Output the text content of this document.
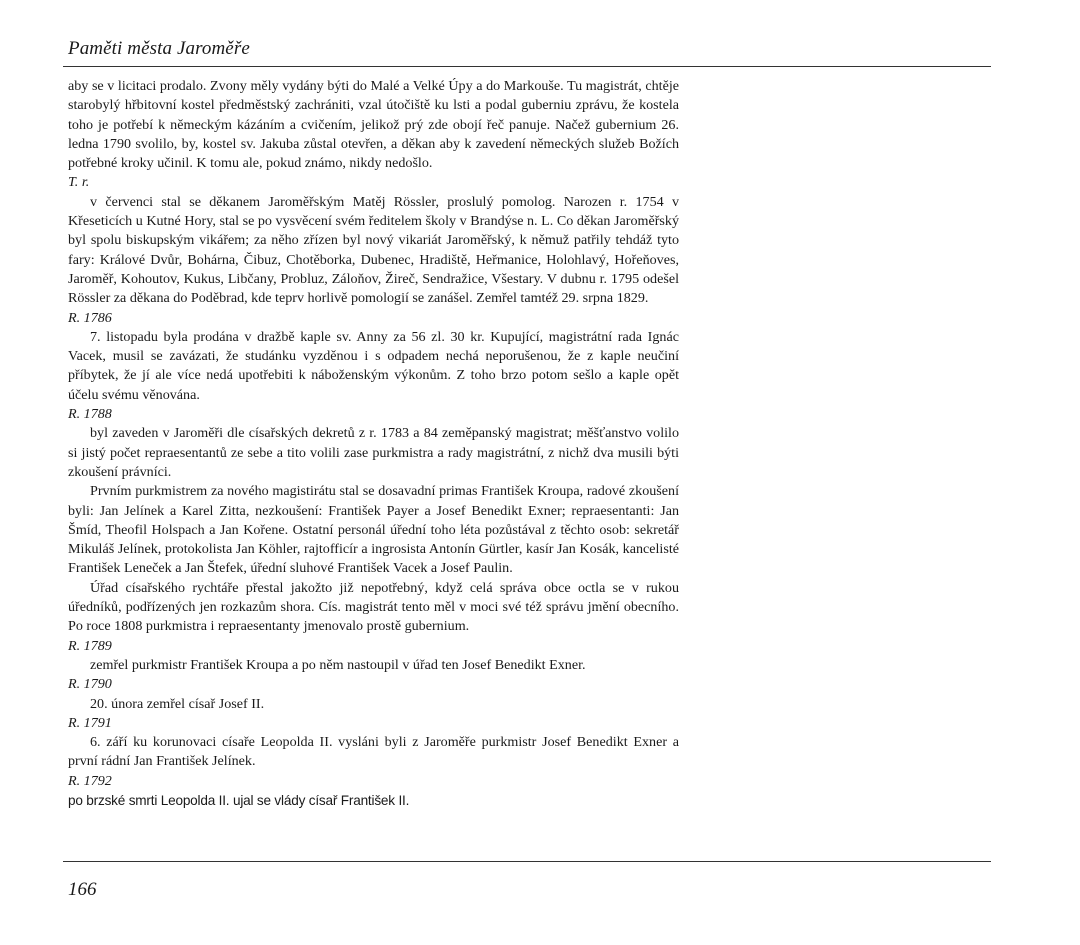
Paměti města Jaroměře

aby se v licitaci prodalo. Zvony měly vydány býti do Malé a Velké Úpy a do Markouše. Tu magistrát, chtěje starobylý hřbitovní kostel předměstský zachrániti, vzal útočiště ku lsti a podal guberniu zprávu, že kostela toho je potřebí k německým kázáním a cvičením, jelikož prý zde obojí řeč panuje. Načež gubernium 26. ledna 1790 svolilo, by, kostel sv. Jakuba zůstal otevřen, a děkan aby k zavedení německých služeb Božích potřebné kroky učinil. K tomu ale, pokud známo, nikdy nedošlo.

T. r.

v červenci stal se děkanem Jaroměřským Matěj Rössler, proslulý pomolog. Narozen r. 1754 v Křeseticích u Kutné Hory, stal se po vysvěcení svém ředitelem školy v Brandýse n. L. Co děkan Jaroměřský byl spolu biskupským vikářem; za něho zřízen byl nový vikariát Jaroměřský, k němuž patřily tehdáž tyto fary: Králové Dvůr, Bohárna, Čibuz, Chotěborka, Dubenec, Hradiště, Heřmanice, Holohlavý, Hořeňoves, Jaroměř, Kohoutov, Kukus, Libčany, Probluz, Záloňov, Žireč, Sendražice, Všestary. V dubnu r. 1795 odešel Rössler za děkana do Poděbrad, kde teprv horlivě pomologií se zanášel. Zemřel tamtéž 29. srpna 1829.

R. 1786

7. listopadu byla prodána v dražbě kaple sv. Anny za 56 zl. 30 kr. Kupující, magistrátní rada Ignác Vacek, musil se zavázati, že studánku vyzděnou i s odpadem nechá neporušenou, že z kaple neučiní příbytek, že jí ale více nedá upotřebiti k náboženským výkonům. Z toho brzo potom sešlo a kaple opět účelu svému věnována.

R. 1788

byl zaveden v Jaroměři dle císařských dekretů z r. 1783 a 84 zeměpanský magistrat; měšťanstvo volilo si jistý počet repraesentantů ze sebe a tito volili zase purkmistra a rady magistrátní, z nichž dva musili býti zkoušení právníci.

Prvním purkmistrem za nového magistirátu stal se dosavadní primas František Kroupa, radové zkoušení byli: Jan Jelínek a Karel Zitta, nezkoušení: František Payer a Josef Benedikt Exner; repraesentanti: Jan Šmíd, Theofil Holspach a Jan Kořene. Ostatní personál úřední toho léta pozůstával z těchto osob: sekretář Mikuláš Jelínek, protokolista Jan Köhler, rajtofficír a ingrosista Antonín Gürtler, kasír Jan Kosák, kancelisté František Leneček a Jan Štefek, úřední sluhové František Vacek a Josef Paulin.

Úřad císařského rychtáře přestal jakožto již nepotřebný, když celá správa obce octla se v rukou úředníků, podřízených jen rozkazům shora. Cís. magistrát tento měl v moci své též správu jmění obecního. Po roce 1808 purkmistra i repraesentanty jmenovalo prostě gubernium.

R. 1789

zemřel purkmistr František Kroupa a po něm nastoupil v úřad ten Josef Benedikt Exner.

R. 1790

20. února zemřel císař Josef II.

R. 1791

6. září ku korunovaci císaře Leopolda II. vysláni byli z Jaroměře purkmistr Josef Benedikt Exner a první rádní Jan František Jelínek.

R. 1792

po brzské smrti Leopolda II. ujal se vlády císař František II.

166
